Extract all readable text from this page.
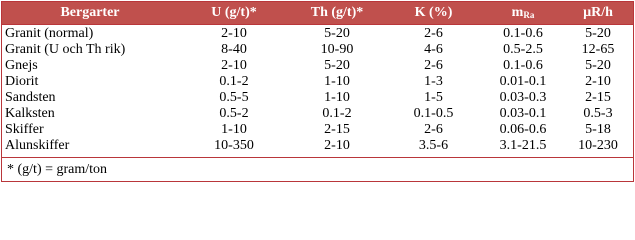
Bergarter	U (g/t)*	Th (g/t)*	K (%)	$m_{Ra}$	µR/h
Granit (normal)	2-10	5-20	2-6	0.1-0.6	5-20
Granit (U och Th rik)	8-40	10-90	4-6	0.5-2.5	12-65
Gnejs	2-10	5-20	2-6	0.1-0.6	5-20
Diorit	0.1-2	1-10	1-3	0.01-0.1	2-10
Sandsten	0.5-5	1-10	1-5	0.03-0.3	2-15
Kalksten	0.5-2	0.1-2	0.1-0.5	0.03-0.1	0.5-3
Skiffer	1-10	2-15	2-6	0.06-0.6	5-18
Alunskiffer	10-350	2-10	3.5-6	3.1-21.5	10-230
* (g/t) = gram/ton
